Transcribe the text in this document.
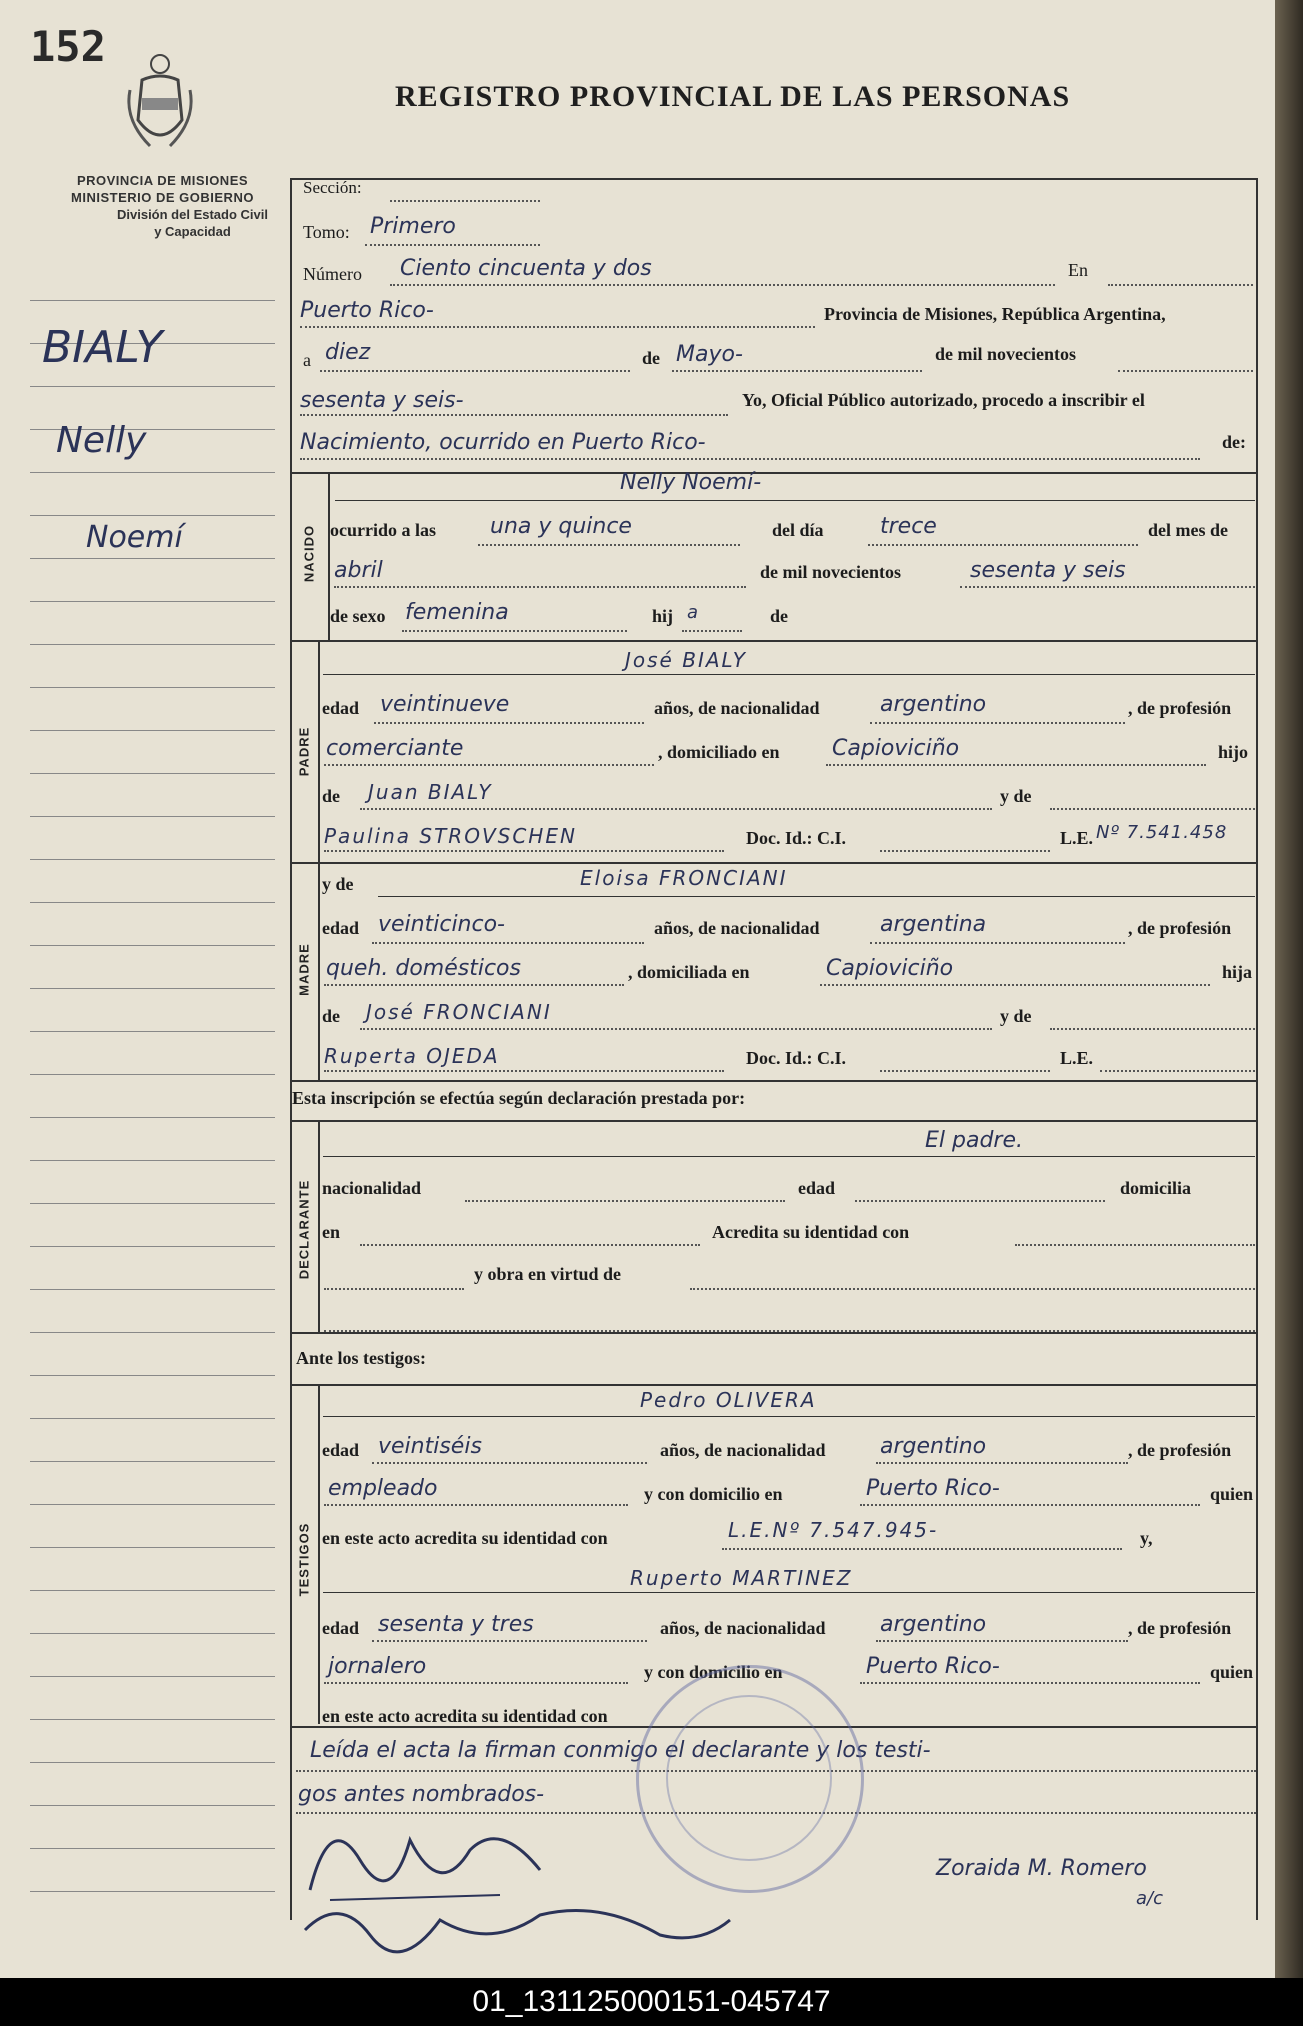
152
REGISTRO PROVINCIAL DE LAS PERSONAS
PROVINCIA DE MISIONES
MINISTERIO DE GOBIERNO
División del Estado Civil
y Capacidad
BIALY
Nelly
Noemí
Sección:
Tomo: Primero
Número Ciento cincuenta y dos	En
Puerto Rico-	Provincia de Misiones, República Argentina,
a diez	de Mayo-	de mil novecientos
sesenta y seis-	Yo, Oficial Público autorizado, procedo a inscribir el
Nacimiento, ocurrido en Puerto Rico-	de:
NACIDO
Nelly Noemí-
ocurrido a las una y quince	del día	trece	del mes de
abril	de mil novecientos	sesenta y seis
de sexo femenina	hij a	de
PADRE
José BIALY
edad veintinueve	años, de nacionalidad	argentino	, de profesión
comerciante	, domiciliado en Capioviciño	hijo
de Juan BIALY	y de
Paulina STROVSCHEN	Doc. Id.: C.I.	L.E. Nº 7.541.458
MADRE
y de	Eloisa FRONCIANI
edad veinticinco-	años, de nacionalidad	argentina	, de profesión
queh. domésticos	, domiciliada en	Capioviciño	hija
de José FRONCIANI	y de
Ruperta OJEDA	Doc. Id.: C.I.	L.E.
Esta inscripción se efectúa según declaración prestada por:
DECLARANTE
El padre.
nacionalidad	edad	domicilia
en	Acredita su identidad con
y obra en virtud de
Ante los testigos:
TESTIGOS
Pedro OLIVERA
edad veintiséis	años, de nacionalidad argentino	, de profesión
empleado	y con domicilio en	Puerto Rico-	quien
en este acto acredita su identidad con	L.E.Nº 7.547.945-	y,
Ruperto MARTINEZ
edad sesenta y tres	años, de nacionalidad argentino	, de profesión
jornalero	y con domicilio en	Puerto Rico-	quien
en este acto acredita su identidad con
Leída el acta la firman conmigo el declarante y los testi-
gos antes nombrados-
Zoraida M. Romero
a/c
01_131125000151-045747
